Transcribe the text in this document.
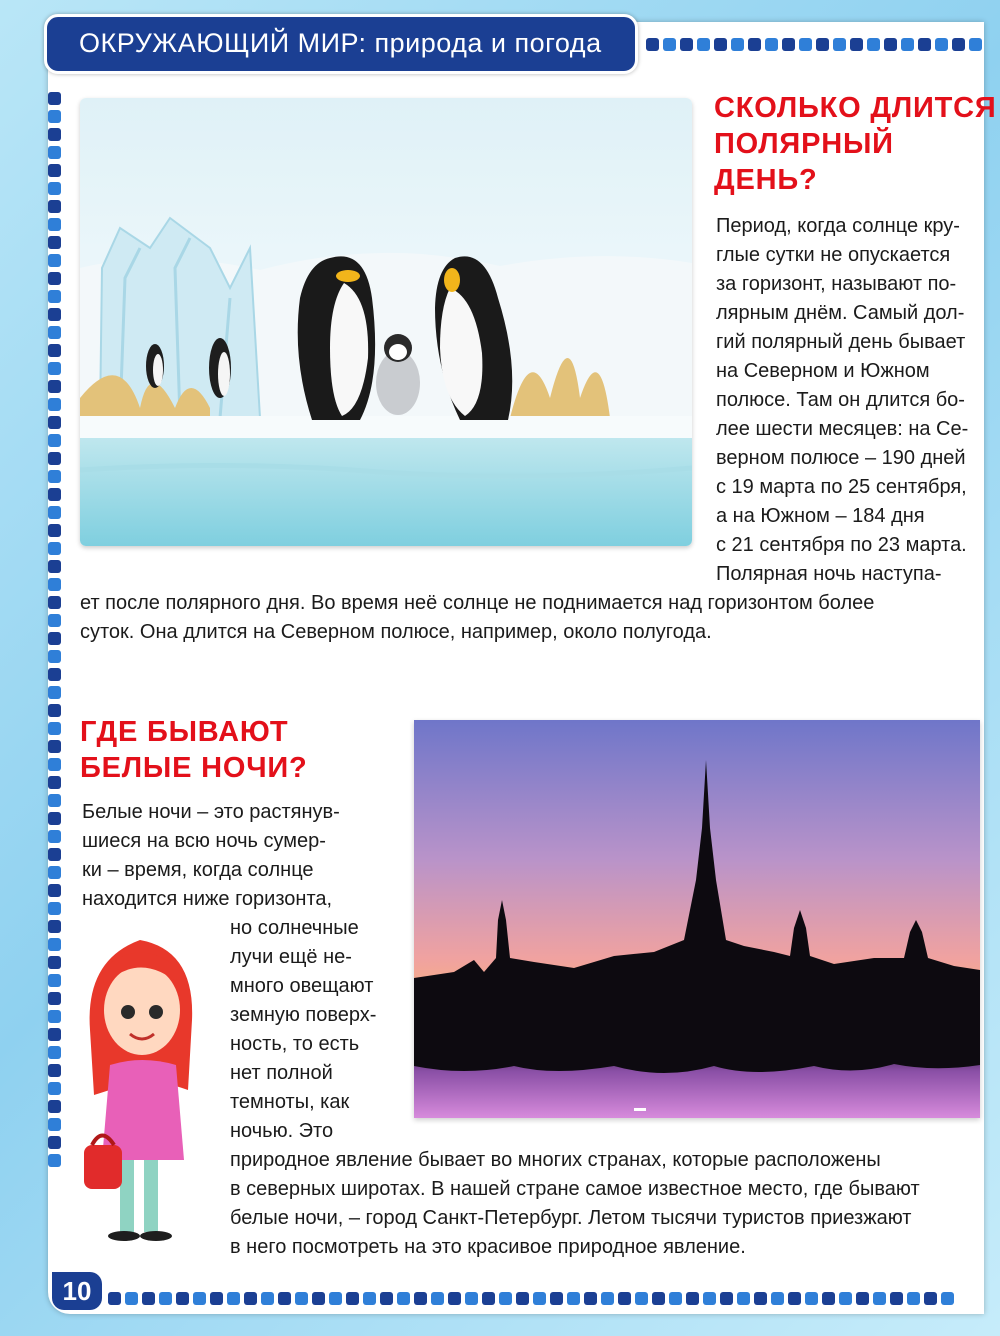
ОКРУЖАЮЩИЙ МИР: природа и погода
СКОЛЬКО ДЛИТСЯ
ПОЛЯРНЫЙ
ДЕНЬ?
Период, когда солнце кру-
глые сутки не опускается
за горизонт, называют по-
лярным днём. Самый дол-
гий полярный день бывает
на Северном и Южном
полюсе. Там он длится бо-
лее шести месяцев: на Се-
верном полюсе – 190 дней
с 19 марта по 25 сентября,
а на Южном – 184 дня
с 21 сентября по 23 марта.
Полярная ночь наступа-
ет после полярного дня. Во время неё солнце не поднимается над горизонтом более
суток. Она длится на Северном полюсе, например, около полугода.
ГДЕ БЫВАЮТ
БЕЛЫЕ НОЧИ?
Белые ночи – это растянув-
шиеся на всю ночь сумер-
ки – время, когда солнце
находится ниже горизонта,
но солнечные
лучи ещё не-
много овещают
земную поверх-
ность, то есть
нет полной
темноты, как
ночью. Это
природное явление бывает во многих странах, которые расположены
в северных широтах. В нашей стране самое известное место, где бывают
белые ночи, – город Санкт-Петербург. Летом тысячи туристов приезжают
в него посмотреть на это красивое природное явление.
10
